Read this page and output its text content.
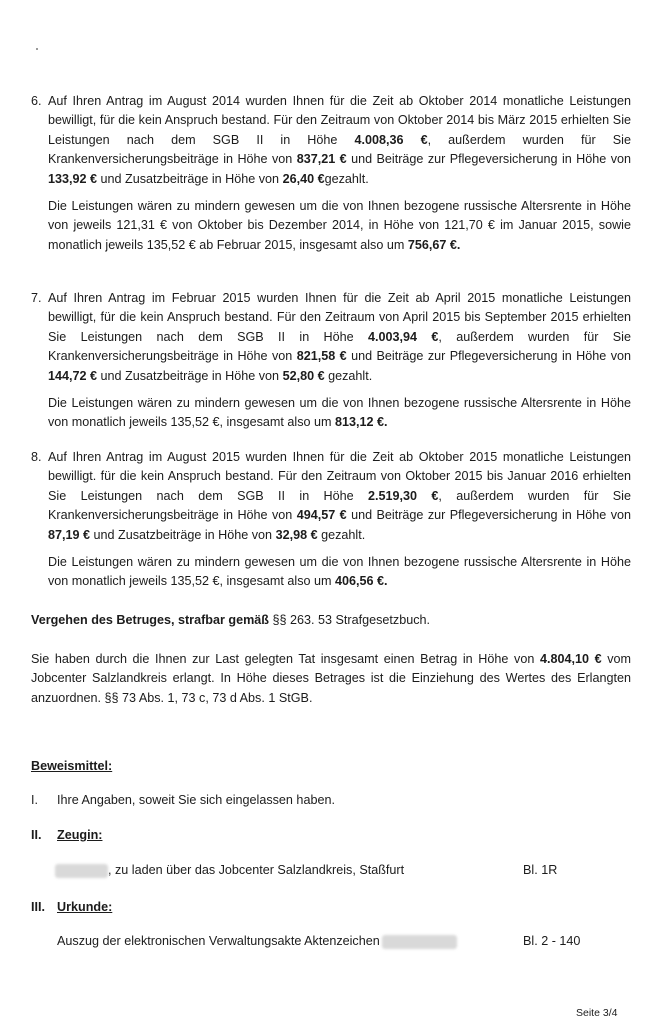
6. Auf Ihren Antrag im August 2014 wurden Ihnen für die Zeit ab Oktober 2014 monatliche Leistungen bewilligt, für die kein Anspruch bestand. Für den Zeitraum von Oktober 2014 bis März 2015 erhielten Sie Leistungen nach dem SGB II in Höhe 4.008,36 €, außerdem wurden für Sie Krankenversicherungsbeiträge in Höhe von 837,21 € und Beiträge zur Pflegeversicherung in Höhe von 133,92 € und Zusatzbeiträge in Höhe von 26,40 €gezahlt.
Die Leistungen wären zu mindern gewesen um die von Ihnen bezogene russische Altersrente in Höhe von jeweils 121,31 € von Oktober bis Dezember 2014, in Höhe von 121,70 € im Januar 2015, sowie monatlich jeweils 135,52 € ab Februar 2015, insgesamt also um 756,67 €.
7. Auf Ihren Antrag im Februar 2015 wurden Ihnen für die Zeit ab April 2015 monatliche Leistungen bewilligt, für die kein Anspruch bestand. Für den Zeitraum von April 2015 bis September 2015 erhielten Sie Leistungen nach dem SGB II in Höhe 4.003,94 €, außerdem wurden für Sie Krankenversicherungsbeiträge in Höhe von 821,58 € und Beiträge zur Pflegeversicherung in Höhe von 144,72 € und Zusatzbeiträge in Höhe von 52,80 € gezahlt.
Die Leistungen wären zu mindern gewesen um die von Ihnen bezogene russische Altersrente in Höhe von monatlich jeweils 135,52 €, insgesamt also um 813,12 €.
8. Auf Ihren Antrag im August 2015 wurden Ihnen für die Zeit ab Oktober 2015 monatliche Leistungen bewilligt. für die kein Anspruch bestand. Für den Zeitraum von Oktober 2015 bis Januar 2016 erhielten Sie Leistungen nach dem SGB II in Höhe 2.519,30 €, außerdem wurden für Sie Krankenversicherungsbeiträge in Höhe von 494,57 € und Beiträge zur Pflegeversicherung in Höhe von 87,19 € und Zusatzbeiträge in Höhe von 32,98 € gezahlt.
Die Leistungen wären zu mindern gewesen um die von Ihnen bezogene russische Altersrente in Höhe von monatlich jeweils 135,52 €, insgesamt also um 406,56 €.
Vergehen des Betruges, strafbar gemäß §§ 263. 53 Strafgesetzbuch.
Sie haben durch die Ihnen zur Last gelegten Tat insgesamt einen Betrag in Höhe von 4.804,10 € vom Jobcenter Salzlandkreis erlangt. In Höhe dieses Betrages ist die Einziehung des Wertes des Erlangten anzuordnen. §§ 73 Abs. 1, 73 c, 73 d Abs. 1 StGB.
Beweismittel:
I. Ihre Angaben, soweit Sie sich eingelassen haben.
II. Zeugin:
, zu laden über das Jobcenter Salzlandkreis, Staßfurt	Bl. 1R
III. Urkunde:
Auszug der elektronischen Verwaltungsakte Aktenzeichen	Bl. 2 - 140
Seite 3/4
